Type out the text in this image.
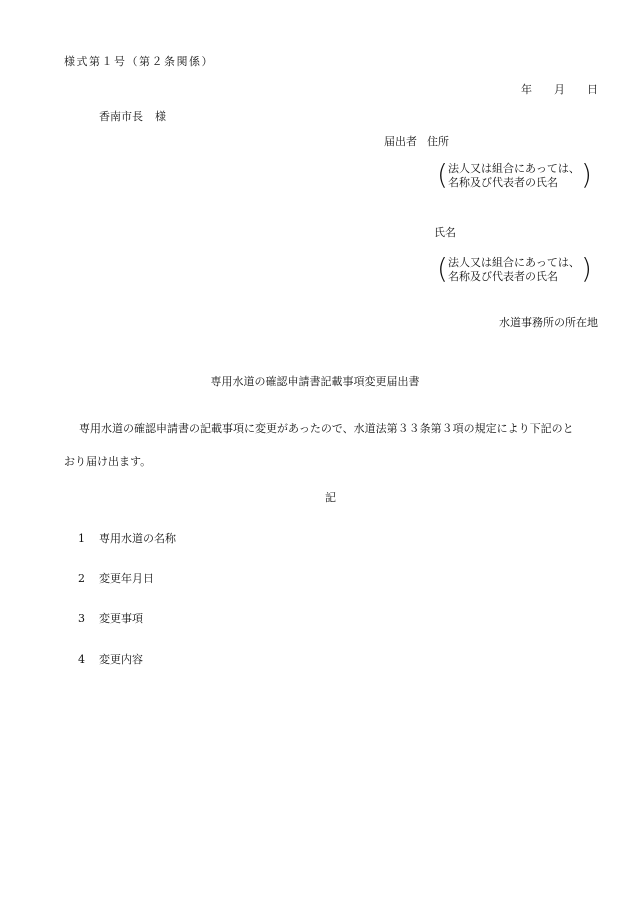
様式第１号（第２条関係）
年 月 日
香南市長 様
届出者 住所
( 法人又は組合にあっては、
名称及び代表者の氏名 )
氏名
( 法人又は組合にあっては、
名称及び代表者の氏名 )
水道事務所の所在地
専用水道の確認申請書記載事項変更届出書
専用水道の確認申請書の記載事項に変更があったので、水道法第３３条第３項の規定により下記のと
おり届け出ます。
記
1 専用水道の名称
2 変更年月日
3 変更事項
4 変更内容
